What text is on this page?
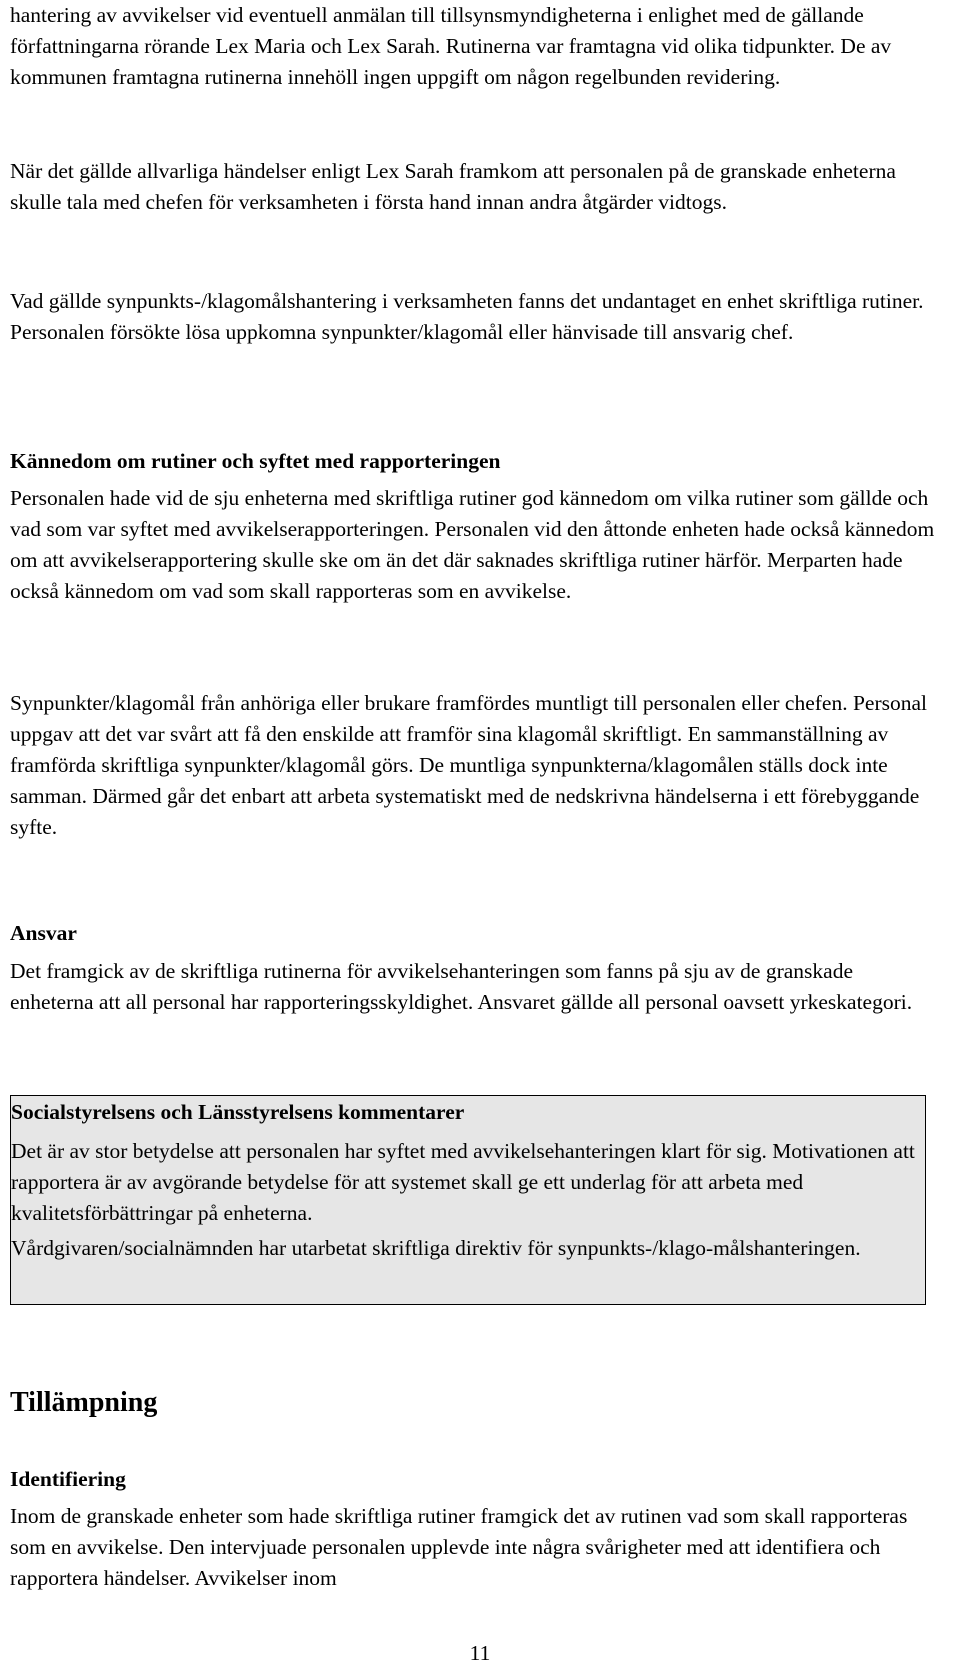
hantering av avvikelser vid eventuell anmälan till tillsynsmyndigheterna i enlighet med de gällande författningarna rörande Lex Maria och Lex Sarah. Rutinerna var framtagna vid olika tidpunkter. De av kommunen framtagna rutinerna innehöll ingen uppgift om någon regelbunden revidering.

När det gällde allvarliga händelser enligt Lex Sarah framkom att personalen på de granskade enheterna skulle tala med chefen för verksamheten i första hand innan andra åtgärder vidtogs.

Vad gällde synpunkts-/klagomålshantering i verksamheten fanns det undantaget en enhet skriftliga rutiner. Personalen försökte lösa uppkomna synpunkter/klagomål eller hänvisade till ansvarig chef.

Kännedom om rutiner och syftet med rapporteringen

Personalen hade vid de sju enheterna med skriftliga rutiner god kännedom om vilka rutiner som gällde och vad som var syftet med avvikelserapporteringen. Personalen vid den åttonde enheten hade också kännedom om att avvikelserapportering skulle ske om än det där saknades skriftliga rutiner härför. Merparten hade också kännedom om vad som skall rapporteras som en avvikelse.

Synpunkter/klagomål från anhöriga eller brukare framfördes muntligt till personalen eller chefen. Personal uppgav att det var svårt att få den enskilde att framför sina klagomål skriftligt. En sammanställning av framförda skriftliga synpunkter/klagomål görs. De muntliga synpunkterna/klagomålen ställs dock inte samman. Därmed går det enbart att arbeta systematiskt med de nedskrivna händelserna i ett förebyggande syfte.

Ansvar

Det framgick av de skriftliga rutinerna för avvikelsehanteringen som fanns på sju av de granskade enheterna att all personal har rapporteringsskyldighet. Ansvaret gällde all personal oavsett yrkeskategori.

Socialstyrelsens och Länsstyrelsens kommentarer

Det är av stor betydelse att personalen har syftet med avvikelsehanteringen klart för sig. Motivationen att rapportera är av avgörande betydelse för att systemet skall ge ett underlag för att arbeta med kvalitetsförbättringar på enheterna.

Vårdgivaren/socialnämnden har utarbetat skriftliga direktiv för synpunkts-/klago-målshanteringen.

Tillämpning
Identifiering

Inom de granskade enheter som hade skriftliga rutiner framgick det av rutinen vad som skall rapporteras som en avvikelse. Den intervjuade personalen upplevde inte några svårigheter med att identifiera och rapportera händelser. Avvikelser inom

11
